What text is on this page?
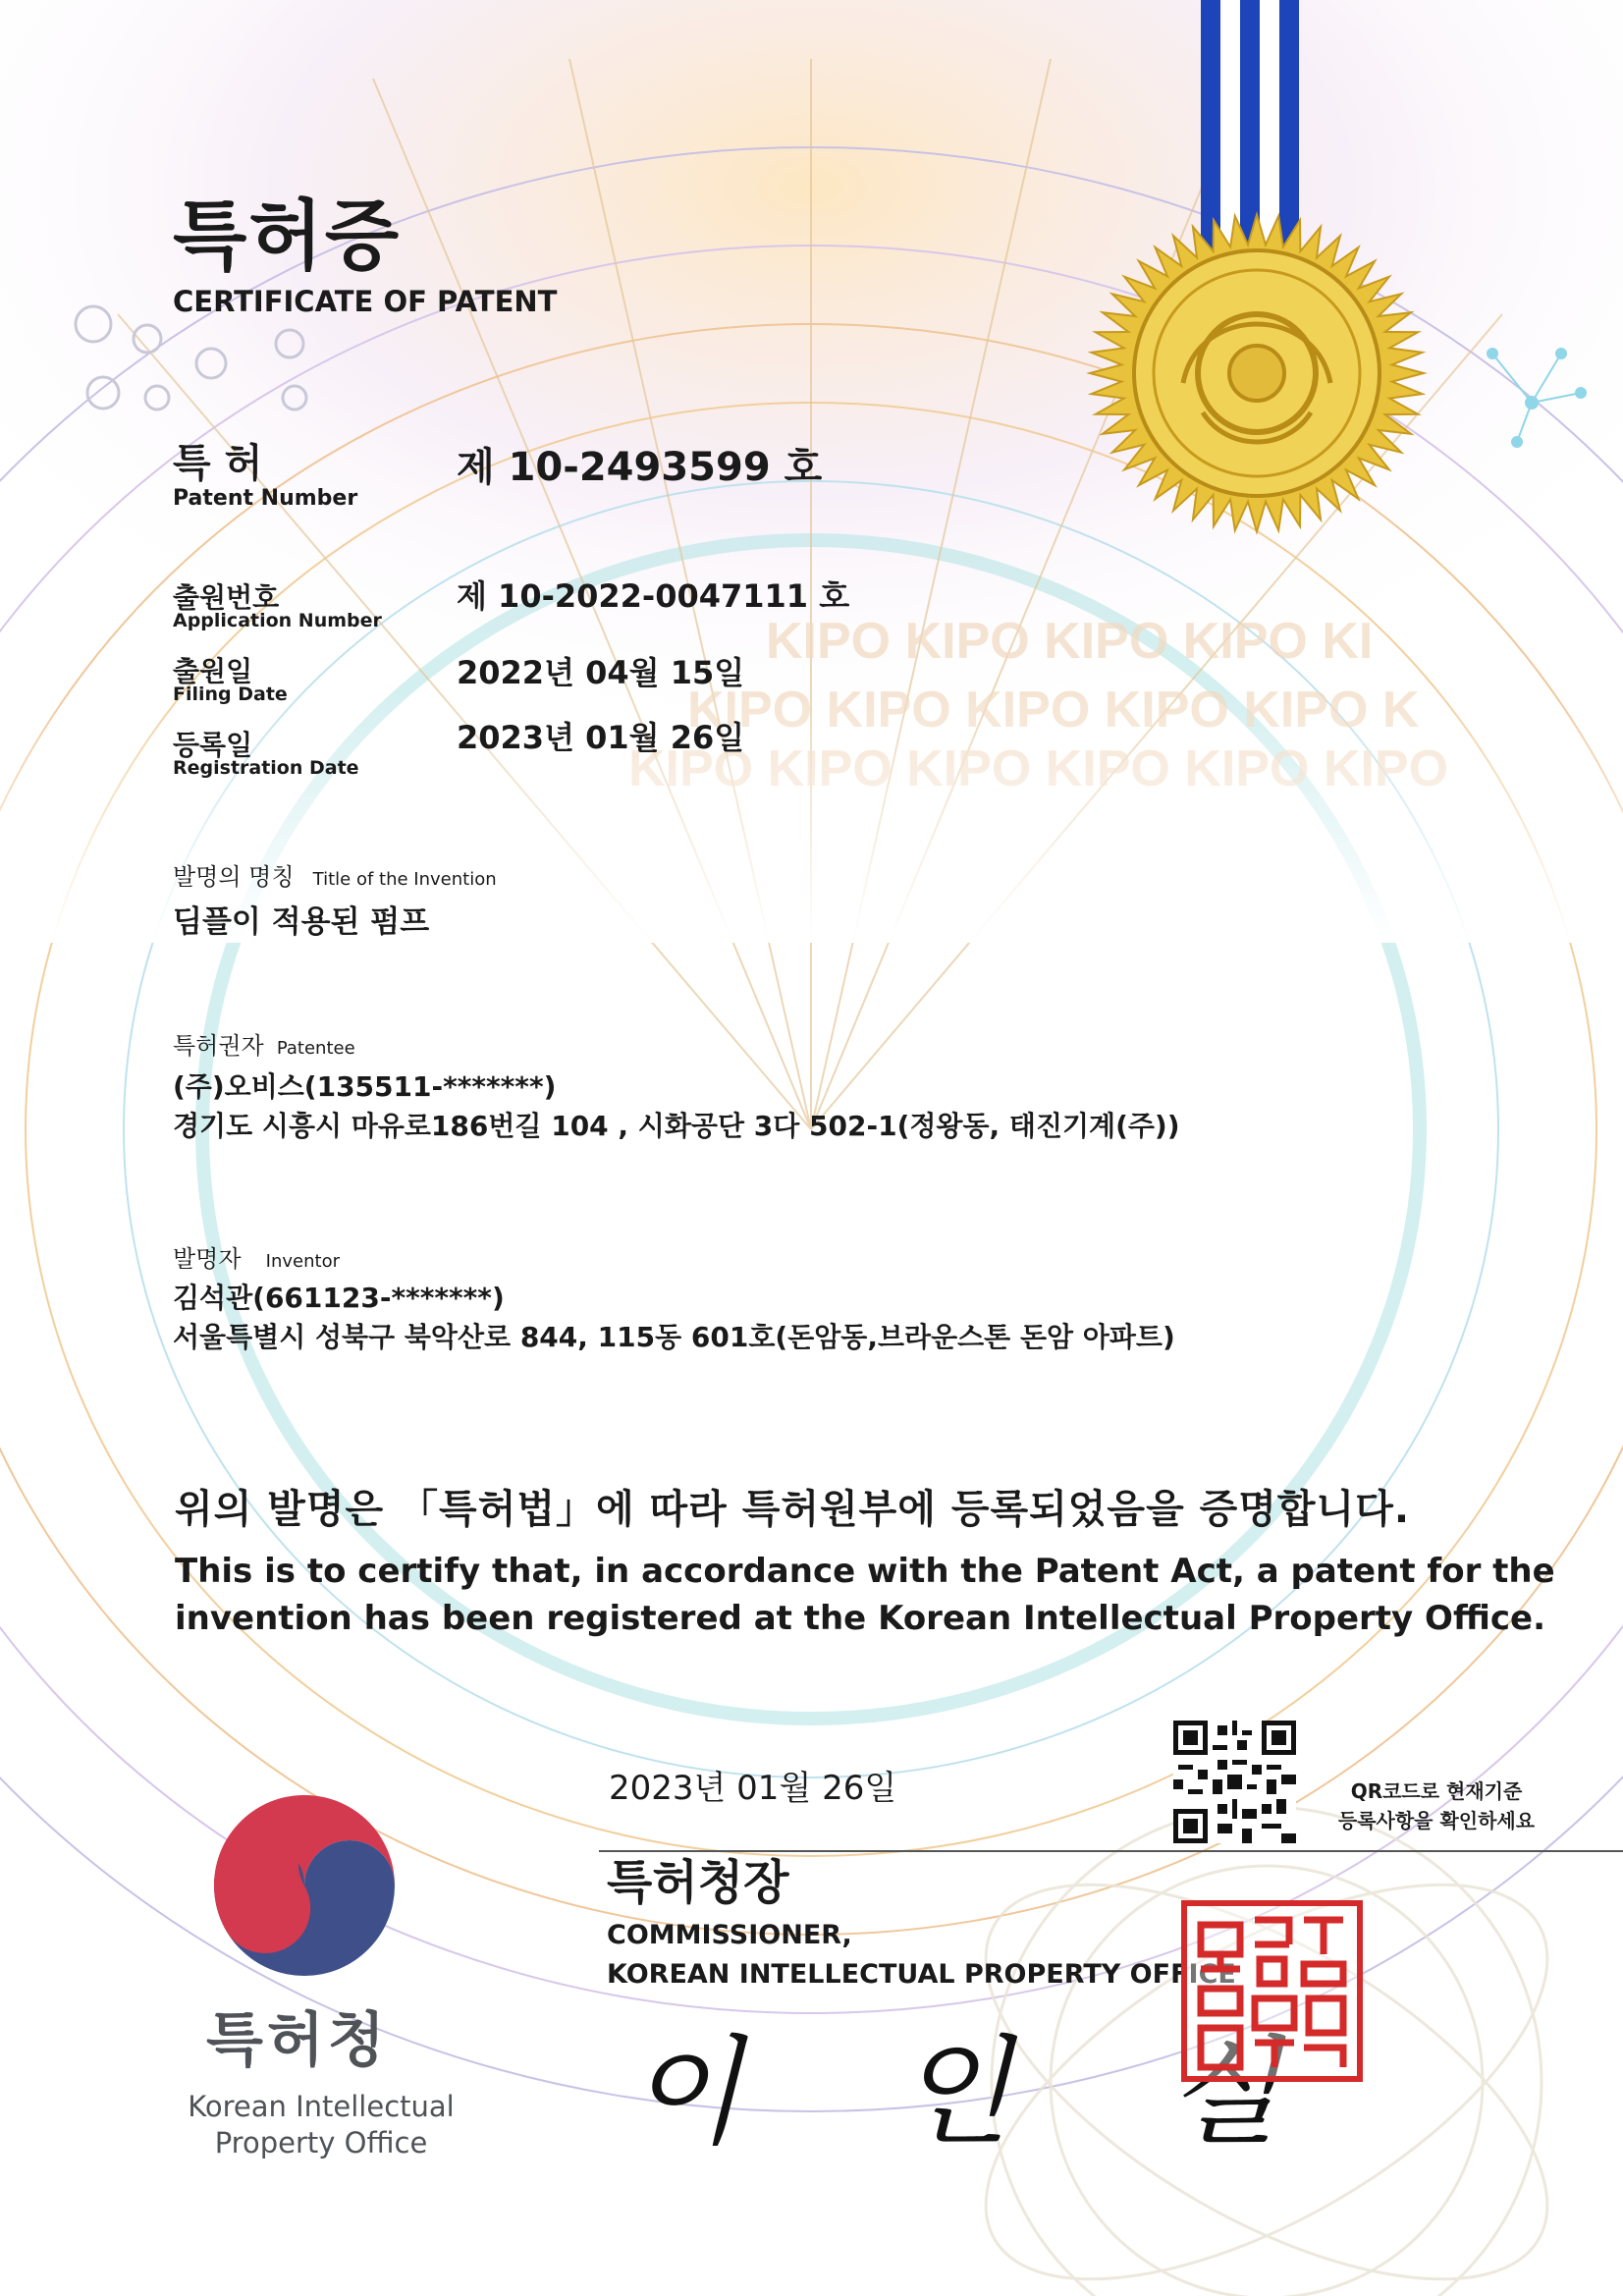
KIPO KIPO KIPO KIPO KI
특허증
CERTIFICATE OF PATENT
특 허
Patent Number
제 10-2493599 호
출원번호
Application Number
제 10-2022-0047111 호
출원일
Filing Date
2022년 04월 15일
등록일
Registration Date
2023년 01월 26일
발명의 명칭 Title of the Invention
딤플이 적용된 펌프
특허권자 Patentee
(주)오비스(135511-*******)
경기도 시흥시 마유로186번길 104 , 시화공단 3다 502-1(정왕동, 태진기계(주))
발명자 Inventor
김석관(661123-*******)
서울특별시 성북구 북악산로 844, 115동 601호(돈암동,브라운스톤 돈암 아파트)
위의 발명은 「특허법」에 따라 특허원부에 등록되었음을 증명합니다.
This is to certify that, in accordance with the Patent Act, a patent for the
invention has been registered at the Korean Intellectual Property Office.
2023년 01월 26일
특허청장
COMMISSIONER,
KOREAN INTELLECTUAL PROPERTY OFFICE
이 인 실
QR코드로 현재기준
등록사항을 확인하세요
특허청
Korean Intellectual
Property Office
